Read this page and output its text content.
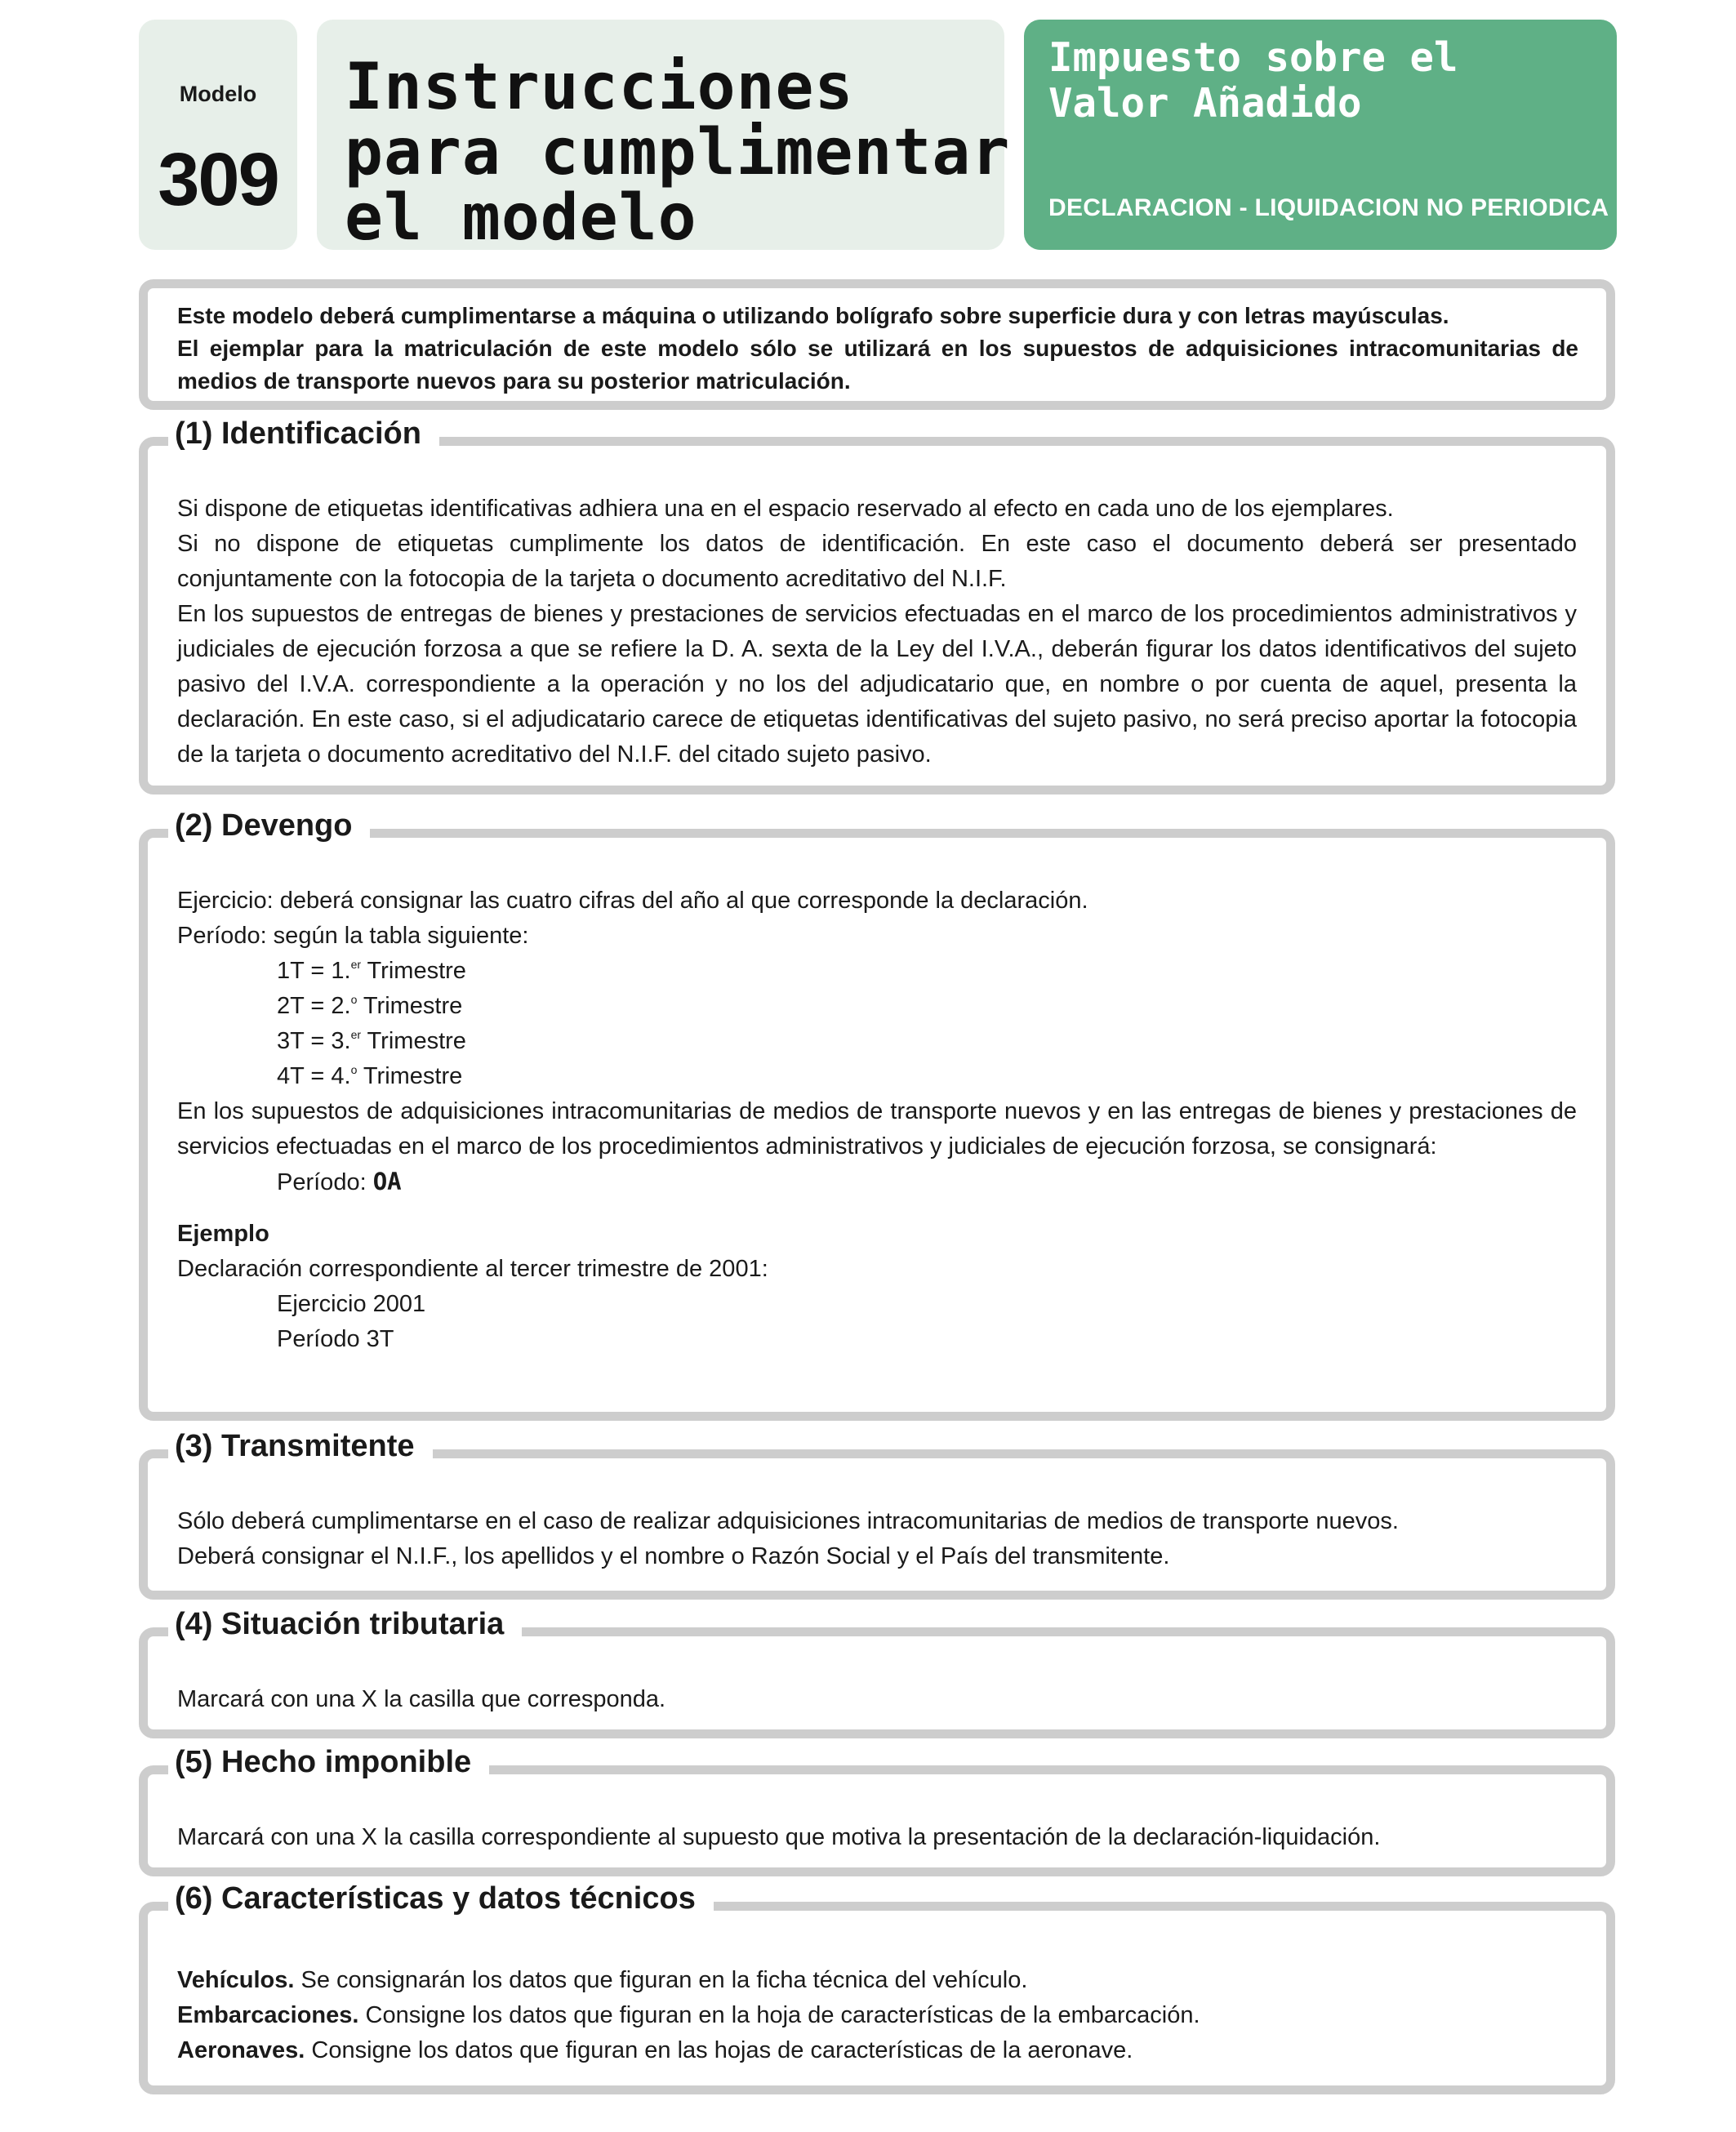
Modelo
309
Instrucciones
para cumplimentar
el modelo
Impuesto sobre el
Valor Añadido
DECLARACION - LIQUIDACION NO PERIODICA

Este modelo deberá cumplimentarse a máquina o utilizando bolígrafo sobre superficie dura y con letras mayúsculas.

El ejemplar para la matriculación de este modelo sólo se utilizará en los supuestos de adquisiciones intracomunitarias de medios de transporte nuevos para su posterior matriculación.

Si dispone de etiquetas identificativas adhiera una en el espacio reservado al efecto en cada uno de los ejemplares.

Si no dispone de etiquetas cumplimente los datos de identificación. En este caso el documento deberá ser presentado conjuntamente con la fotocopia de la tarjeta o documento acreditativo del N.I.F.

En los supuestos de entregas de bienes y prestaciones de servicios efectuadas en el marco de los procedimientos administrativos y judiciales de ejecución forzosa a que se refiere la D. A. sexta de la Ley del I.V.A., deberán figurar los datos identificativos del sujeto pasivo del I.V.A. correspondiente a la operación y no los del adjudicatario que, en nombre o por cuenta de aquel, presenta la declaración. En este caso, si el adjudicatario carece de etiquetas identificativas del sujeto pasivo, no será preciso aportar la fotocopia de la tarjeta o documento acreditativo del N.I.F. del citado sujeto pasivo.

(1) Identificación

Ejercicio: deberá consignar las cuatro cifras del año al que corresponde la declaración.

Período: según la tabla siguiente:

1T = 1.$^{er}$ Trimestre

2T = 2.$^o$ Trimestre

3T = 3.$^{er}$ Trimestre

4T = 4.$^o$ Trimestre

En los supuestos de adquisiciones intracomunitarias de medios de transporte nuevos y en las entregas de bienes y prestaciones de servicios efectuadas en el marco de los procedimientos administrativos y judiciales de ejecución forzosa, se consignará:

Período: OA

Ejemplo

Declaración correspondiente al tercer trimestre de 2001:

Ejercicio 2001

Período 3T

(2) Devengo

Sólo deberá cumplimentarse en el caso de realizar adquisiciones intracomunitarias de medios de transporte nuevos.

Deberá consignar el N.I.F., los apellidos y el nombre o Razón Social y el País del transmitente.

(3) Transmitente

Marcará con una X la casilla que corresponda.

(4) Situación tributaria

Marcará con una X la casilla correspondiente al supuesto que motiva la presentación de la declaración-liquidación.

(5) Hecho imponible

Vehículos. Se consignarán los datos que figuran en la ficha técnica del vehículo.

Embarcaciones. Consigne los datos que figuran en la hoja de características de la embarcación.

Aeronaves. Consigne los datos que figuran en las hojas de características de la aeronave.

(6) Características y datos técnicos
